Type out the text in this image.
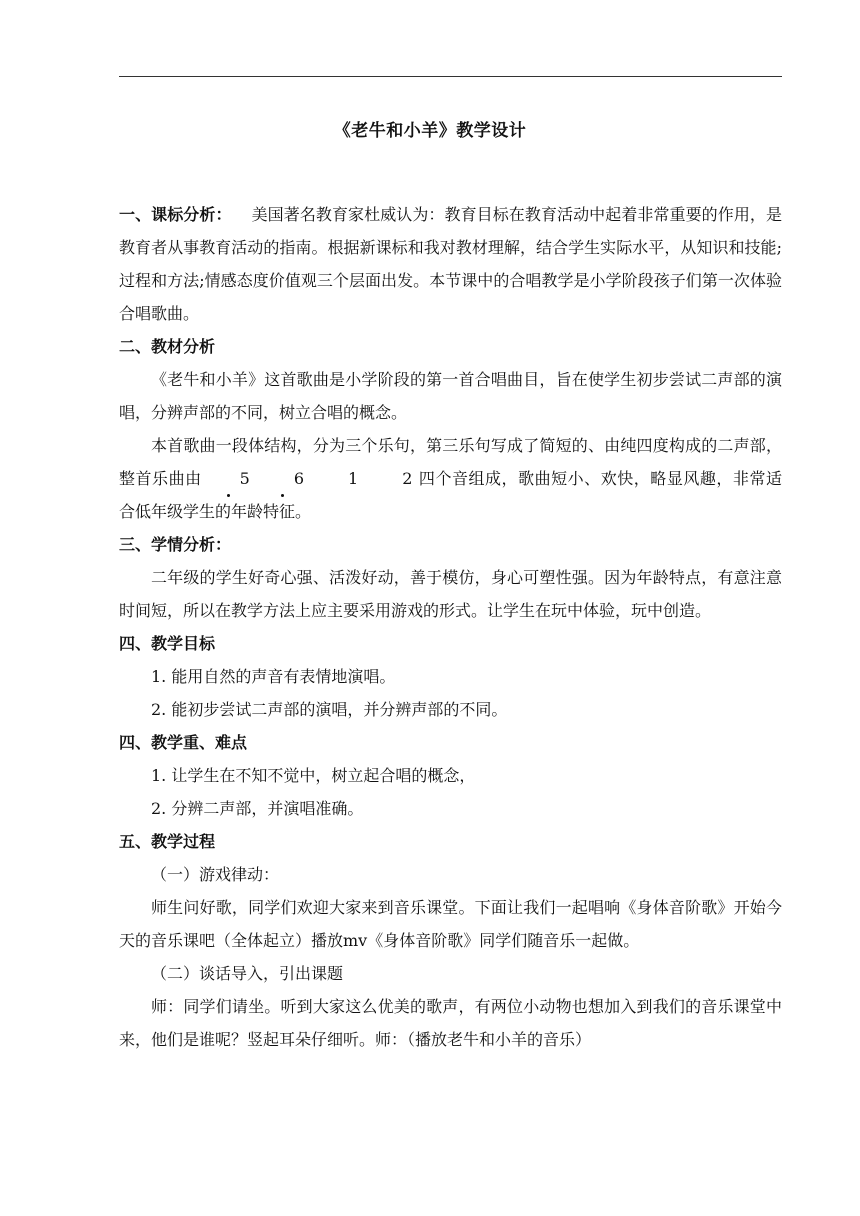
《老牛和小羊》教学设计

一、课标分析： 美国著名教育家杜威认为：教育目标在教育活动中起着非常重要的作用，是教育者从事教育活动的指南。根据新课标和我对教材理解，结合学生实际水平，从知识和技能;过程和方法;情感态度价值观三个层面出发。本节课中的合唱教学是小学阶段孩子们第一次体验合唱歌曲。

二、教材分析

《老牛和小羊》这首歌曲是小学阶段的第一首合唱曲目，旨在使学生初步尝试二声部的演唱，分辨声部的不同，树立合唱的概念。

本首歌曲一段体结构，分为三个乐句，第三乐句写成了简短的、由纯四度构成的二声部，整首乐曲由 5	6	1	2 四个音组成，歌曲短小、欢快，略显风趣，非常适合低年级学生的年龄特征。

三、学情分析：

二年级的学生好奇心强、活泼好动，善于模仿，身心可塑性强。因为年龄特点，有意注意时间短，所以在教学方法上应主要采用游戏的形式。让学生在玩中体验，玩中创造。

四、教学目标

1. 能用自然的声音有表情地演唱。

2. 能初步尝试二声部的演唱，并分辨声部的不同。

四、教学重、难点

1. 让学生在不知不觉中，树立起合唱的概念，

2. 分辨二声部，并演唱准确。

五、教学过程

（一）游戏律动：

师生问好歌，同学们欢迎大家来到音乐课堂。下面让我们一起唱响《身体音阶歌》开始今天的音乐课吧（全体起立）播放mv《身体音阶歌》同学们随音乐一起做。

（二）谈话导入，引出课题

师：同学们请坐。听到大家这么优美的歌声，有两位小动物也想加入到我们的音乐课堂中来，他们是谁呢？竖起耳朵仔细听。师：（播放老牛和小羊的音乐）
